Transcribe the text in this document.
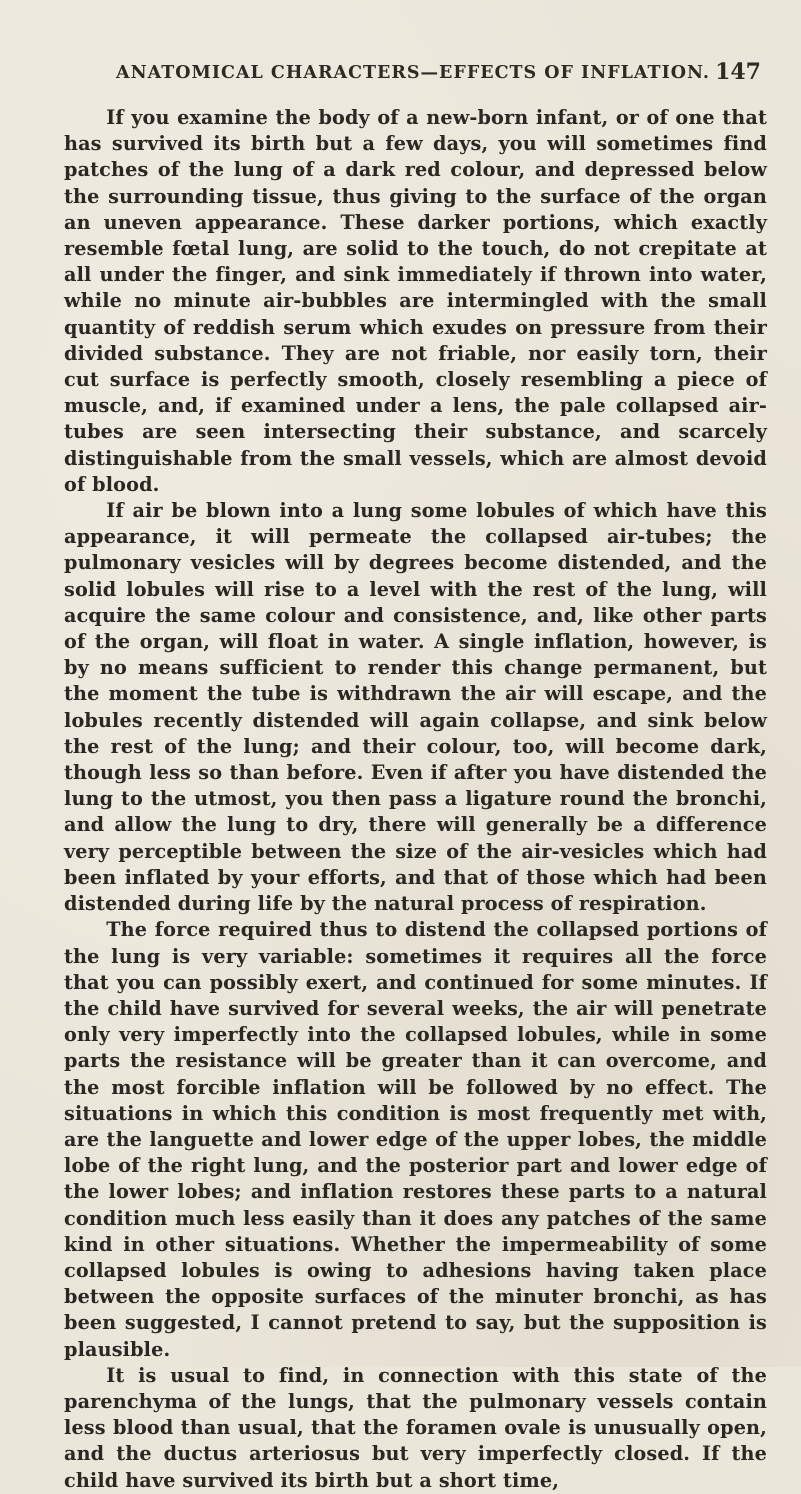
ANATOMICAL CHARACTERS—EFFECTS OF INFLATION. 147

If you examine the body of a new-born infant, or of one that has survived its birth but a few days, you will sometimes find patches of the lung of a dark red colour, and depressed below the surrounding tissue, thus giving to the surface of the organ an uneven appearance. These darker portions, which exactly resemble fœtal lung, are solid to the touch, do not crepitate at all under the finger, and sink immediately if thrown into water, while no minute air-bubbles are intermingled with the small quantity of reddish serum which exudes on pressure from their divided substance. They are not friable, nor easily torn, their cut surface is perfectly smooth, closely resembling a piece of muscle, and, if examined under a lens, the pale collapsed air-tubes are seen intersecting their substance, and scarcely distinguishable from the small vessels, which are almost devoid of blood.

If air be blown into a lung some lobules of which have this appearance, it will permeate the collapsed air-tubes; the pulmonary vesicles will by degrees become distended, and the solid lobules will rise to a level with the rest of the lung, will acquire the same colour and consistence, and, like other parts of the organ, will float in water. A single inflation, however, is by no means sufficient to render this change permanent, but the moment the tube is withdrawn the air will escape, and the lobules recently distended will again collapse, and sink below the rest of the lung; and their colour, too, will become dark, though less so than before. Even if after you have distended the lung to the utmost, you then pass a ligature round the bronchi, and allow the lung to dry, there will generally be a difference very perceptible between the size of the air-vesicles which had been inflated by your efforts, and that of those which had been distended during life by the natural process of respiration.

The force required thus to distend the collapsed portions of the lung is very variable: sometimes it requires all the force that you can possibly exert, and continued for some minutes. If the child have survived for several weeks, the air will penetrate only very imperfectly into the collapsed lobules, while in some parts the resistance will be greater than it can overcome, and the most forcible inflation will be followed by no effect. The situations in which this condition is most frequently met with, are the languette and lower edge of the upper lobes, the middle lobe of the right lung, and the posterior part and lower edge of the lower lobes; and inflation restores these parts to a natural condition much less easily than it does any patches of the same kind in other situations. Whether the impermeability of some collapsed lobules is owing to adhesions having taken place between the opposite surfaces of the minuter bronchi, as has been suggested, I cannot pretend to say, but the supposition is plausible.

It is usual to find, in connection with this state of the parenchyma of the lungs, that the pulmonary vessels contain less blood than usual, that the foramen ovale is unusually open, and the ductus arteriosus but very imperfectly closed. If the child have survived its birth but a short time,
